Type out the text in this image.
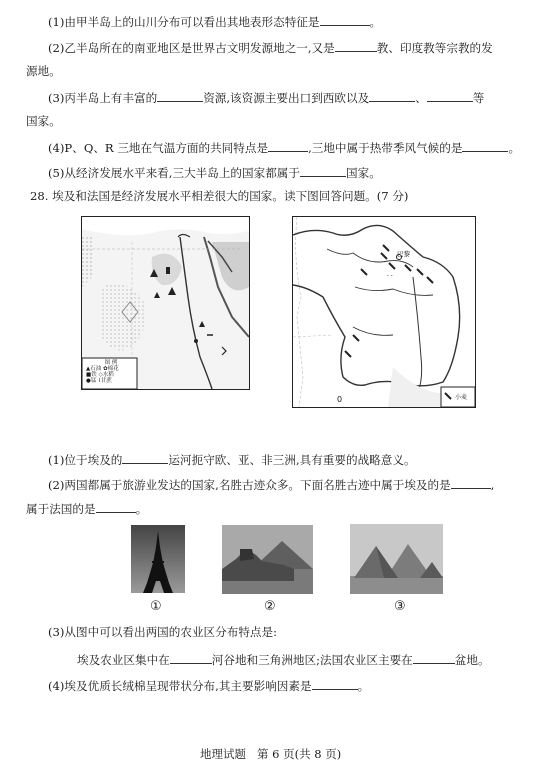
(1)由甲半岛上的山川分布可以看出其地表形态特征是	。
(2)乙半岛所在的南亚地区是世界古文明发源地之一,又是	教、印度教等宗教的发
源地。
(3)丙半岛上有丰富的	资源,该资源主要出口到西欧以及	、	等
国家。
(4)P、Q、R 三地在气温方面的共同特点是	,三地中属于热带季风气候的是	。
(5)从经济发展水平来看,三大半岛上的国家都属于	国家。
28. 埃及和法国是经济发展水平相差很大的国家。读下图回答问题。(7 分)
图 例
▲石油 ✿棉花
■铁 ◇水稻
●锰 ⌇甘蔗
- -
巴黎
小麦
0
(1)位于埃及的	运河扼守欧、亚、非三洲,具有重要的战略意义。
(2)两国都属于旅游业发达的国家,名胜古迹众多。下面名胜古迹中属于埃及的是	,
属于法国的是	。
①	②	③
(3)从图中可以看出两国的农业区分布特点是:
埃及农业区集中在	河谷地和三角洲地区;法国农业区主要在	盆地。
(4)埃及优质长绒棉呈现带状分布,其主要影响因素是	。
地理试题 第 6 页(共 8 页)
